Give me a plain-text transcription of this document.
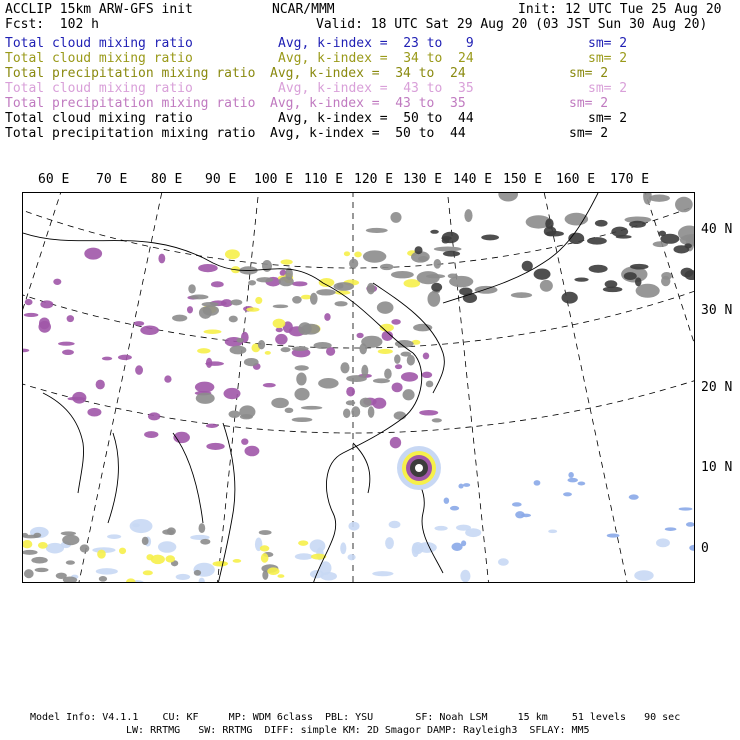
ACCLIP 15km ARW-GFS init	NCAR/MMM	Init: 12 UTC Tue 25 Aug 20
Fcst:  102 h	Valid: 18 UTC Sat 29 Aug 20 (03 JST Sun 30 Aug 20)
Total cloud mixing ratio	Avg, k-index =  23 to   9	sm= 2
Total cloud mixing ratio	Avg, k-index =  34 to  24	sm= 2
Total precipitation mixing ratio Avg, k-index =  34 to  24	sm= 2
Total cloud mixing ratio	Avg, k-index =  43 to  35	sm= 2
Total precipitation mixing ratio Avg, k-index =  43 to  35	sm= 2
Total cloud mixing ratio	Avg, k-index =  50 to  44	sm= 2
Total precipitation mixing ratio Avg, k-index =  50 to  44	sm= 2
60 E 70 E 80 E 90 E 100 E 110 E 120 E 130 E 140 E 150 E 160 E 170 E
40 N
30 N
20 N
10 N
0
Model Info: V4.1.1    CU: KF     MP: WDM 6class  PBL: YSU       SF: Noah LSM     15 km    51 levels   90 sec
LW: RRTMG   SW: RRTMG  DIFF: simple KM: 2D Smagor DAMP: Rayleigh3  SFLAY: MM5
